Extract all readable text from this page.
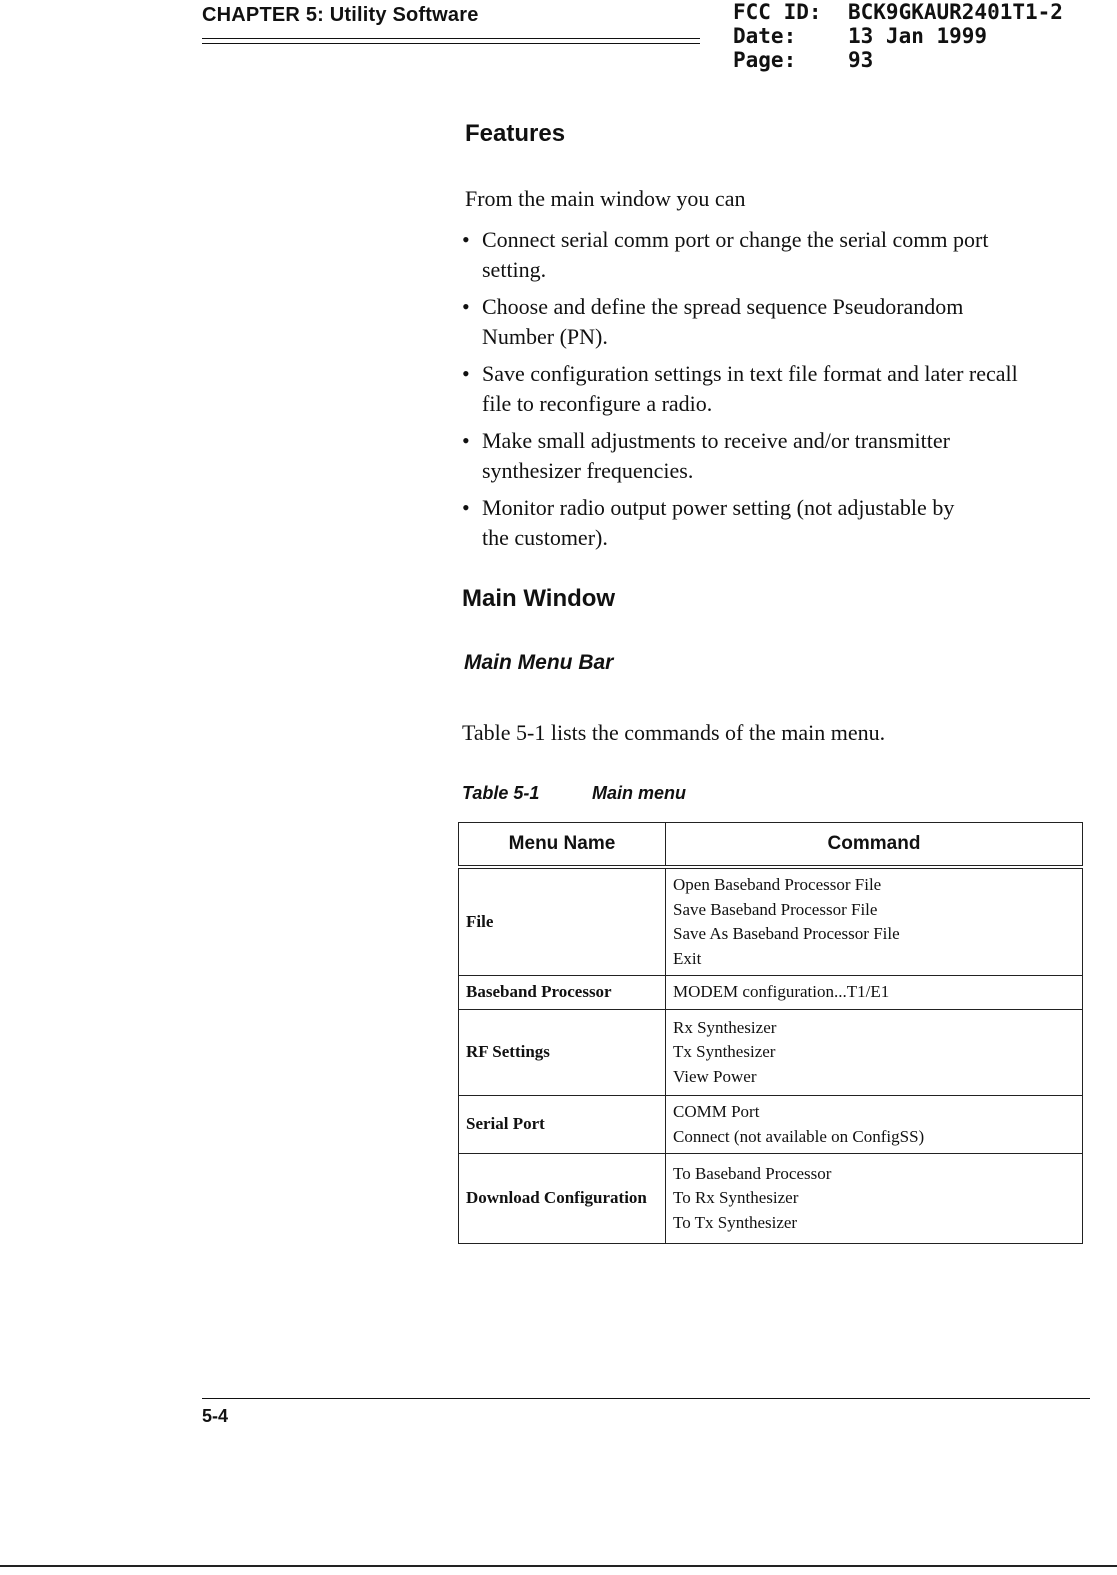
CHAPTER 5: Utility Software	FCC ID: BCK9GKAUR2401T1-2
Date: 13 Jan 1999
Page: 93
Features
From the main window you can
• Connect serial comm port or change the serial comm port
setting.
• Choose and define the spread sequence Pseudorandom
Number (PN).
• Save configuration settings in text file format and later recall
file to reconfigure a radio.
• Make small adjustments to receive and/or transmitter
synthesizer frequencies.
• Monitor radio output power setting (not adjustable by
the customer).
Main Window
Main Menu Bar
Table 5-1 lists the commands of the main menu.
Table 5-1	Main menu
Menu Name	Command
File	Open Baseband Processor File
Save Baseband Processor File
Save As Baseband Processor File
Exit

Baseband Processor	MODEM configuration...T1/E1

RF Settings	Rx Synthesizer
Tx Synthesizer
View Power

Serial Port	COMM Port
Connect (not available on ConfigSS)

Download Configuration	To Baseband Processor
To Rx Synthesizer
To Tx Synthesizer
5-4
